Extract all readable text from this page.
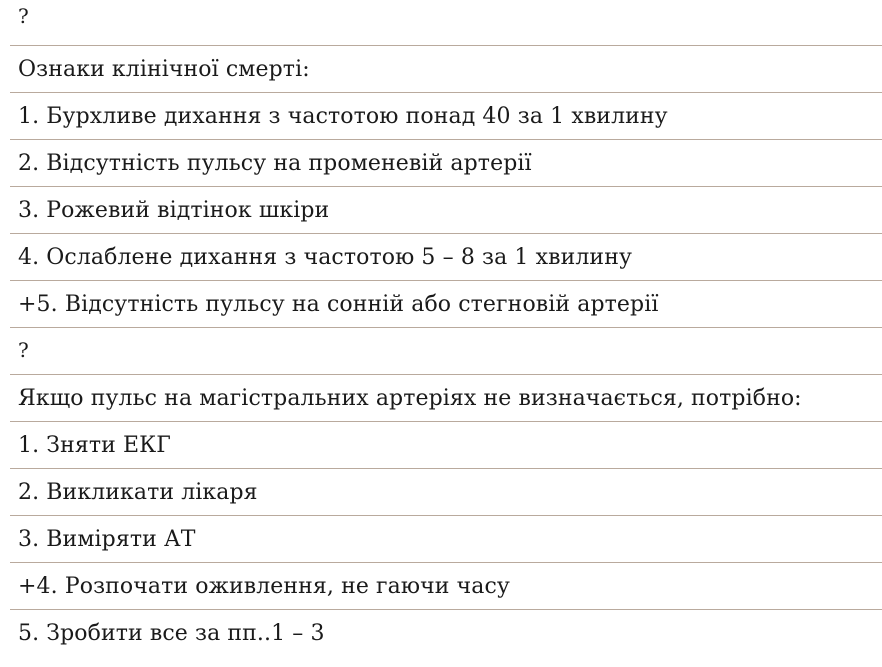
?
Ознаки клінічної смерті:
1. Бурхливе дихання з частотою понад 40 за 1 хвилину
2. Відсутність пульсу на променевій артерії
3. Рожевий відтінок шкіри
4. Ослаблене дихання з частотою 5 – 8 за 1 хвилину
+5. Відсутність пульсу на сонній або стегновій артерії
?
Якщо пульс на магістральних артеріях не визначається, потрібно:
1. Зняти ЕКГ
2. Викликати лікаря
3. Виміряти АТ
+4. Розпочати оживлення, не гаючи часу
5. Зробити все за пп..1 – 3
